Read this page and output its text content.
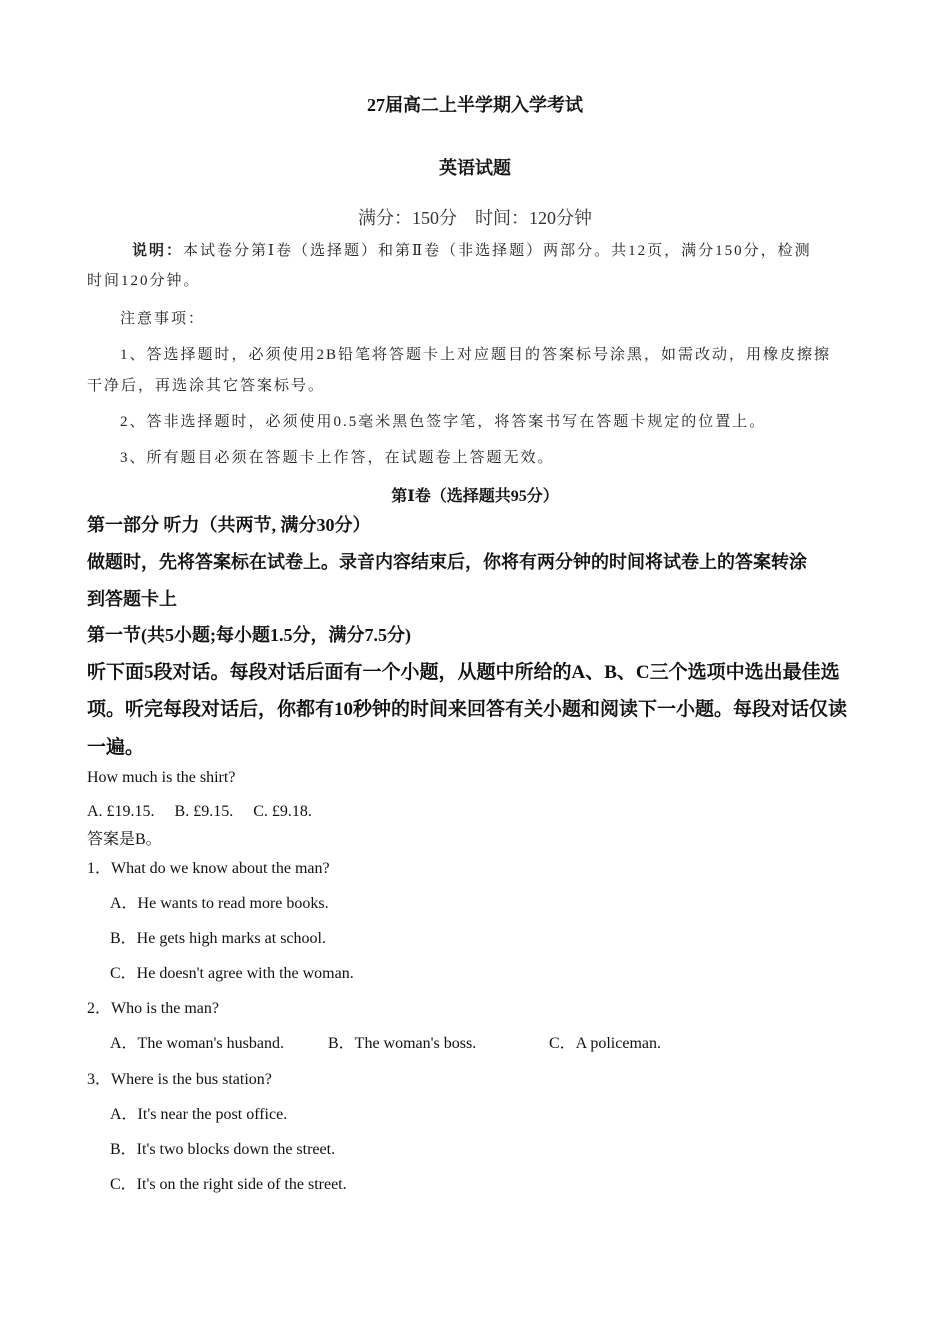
27届高二上半学期入学考试
英语试题
满分：150分　时间：120分钟
说明：本试卷分第Ⅰ卷（选择题）和第Ⅱ卷（非选择题）两部分。共12页，满分150分，检测
时间120分钟。
注意事项：
1、答选择题时，必须使用2B铅笔将答题卡上对应题目的答案标号涂黑，如需改动，用橡皮擦擦
干净后，再选涂其它答案标号。
2、答非选择题时，必须使用0.5毫米黑色签字笔，将答案书写在答题卡规定的位置上。
3、所有题目必须在答题卡上作答，在试题卷上答题无效。
第Ⅰ卷（选择题共95分）
第一部分 听力（共两节, 满分30分）
做题时，先将答案标在试卷上。录音内容结束后，你将有两分钟的时间将试卷上的答案转涂
到答题卡上
第一节(共5小题;每小题1.5分，满分7.5分)
听下面5段对话。每段对话后面有一个小题，从题中所给的A、B、C三个选项中选出最佳选
项。听完每段对话后，你都有10秒钟的时间来回答有关小题和阅读下一小题。每段对话仅读
一遍。
How much is the shirt?
A. £19.15.　 B. £9.15.　 C. £9.18.
答案是B。
1．What do we know about the man?
A．He wants to read more books.
B．He gets high marks at school.
C．He doesn't agree with the woman.
2．Who is the man?
A．The woman's husband.	B．The woman's boss.	C．A policeman.
3．Where is the bus station?
A．It's near the post office.
B．It's two blocks down the street.
C．It's on the right side of the street.
